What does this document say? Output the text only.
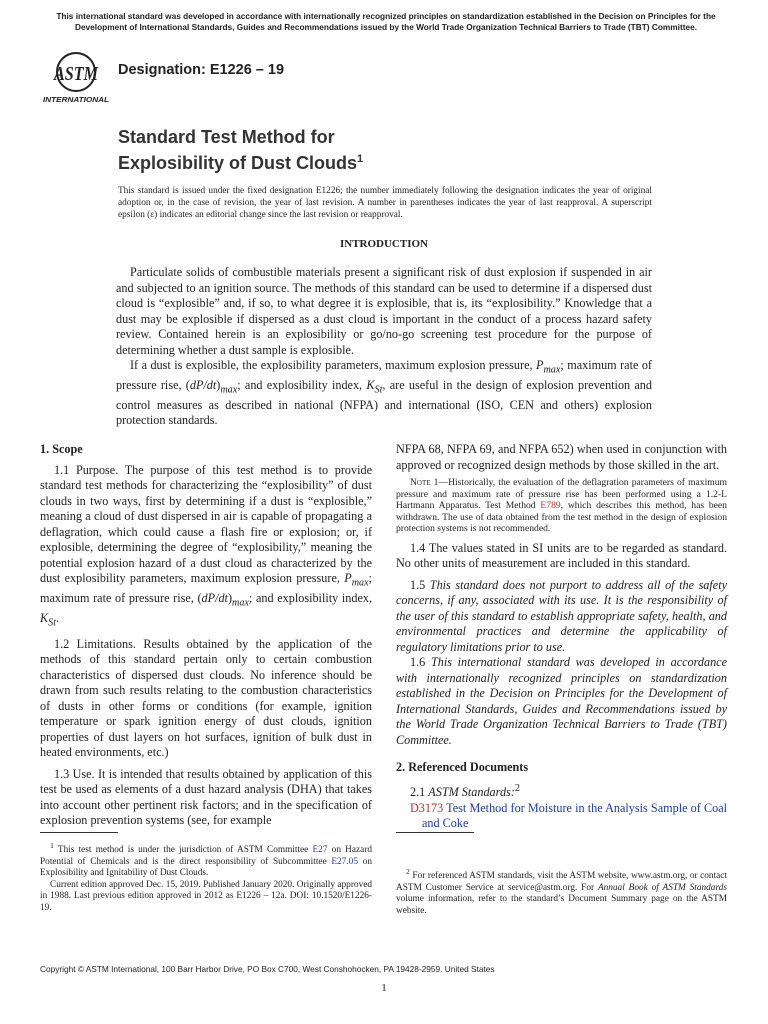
This international standard was developed in accordance with internationally recognized principles on standardization established in the Decision on Principles for the Development of International Standards, Guides and Recommendations issued by the World Trade Organization Technical Barriers to Trade (TBT) Committee.
ASTM
INTERNATIONAL
Designation: E1226 – 19
Standard Test Method for
Explosibility of Dust Clouds$^1$
This standard is issued under the fixed designation E1226; the number immediately following the designation indicates the year of original adoption or, in the case of revision, the year of last revision. A number in parentheses indicates the year of last reapproval. A superscript epsilon (ε) indicates an editorial change since the last revision or reapproval.
INTRODUCTION

Particulate solids of combustible materials present a significant risk of dust explosion if suspended in air and subjected to an ignition source. The methods of this standard can be used to determine if a dispersed dust cloud is “explosible” and, if so, to what degree it is explosible, that is, its “explosibility.” Knowledge that a dust may be explosible if dispersed as a dust cloud is important in the conduct of a process hazard safety review. Contained herein is an explosibility or go/no-go screening test procedure for the purpose of determining whether a dust sample is explosible.

If a dust is explosible, the explosibility parameters, maximum explosion pressure, $P_{max}$; maximum rate of pressure rise, $(dP/dt)_{max}$; and explosibility index, $K_{St}$, are useful in the design of explosion prevention and control measures as described in national (NFPA) and international (ISO, CEN and others) explosion protection standards.

1. Scope

1.1 Purpose. The purpose of this test method is to provide standard test methods for characterizing the “explosibility” of dust clouds in two ways, first by determining if a dust is “explosible,” meaning a cloud of dust dispersed in air is capable of propagating a deflagration, which could cause a flash fire or explosion; or, if explosible, determining the degree of “explosibility,” meaning the potential explosion hazard of a dust cloud as characterized by the dust explosibility parameters, maximum explosion pressure, $P_{max}$; maximum rate of pressure rise, $(dP/dt)_{max}$; and explosibility index, $K_{St}$.

1.2 Limitations. Results obtained by the application of the methods of this standard pertain only to certain combustion characteristics of dispersed dust clouds. No inference should be drawn from such results relating to the combustion characteristics of dusts in other forms or conditions (for example, ignition temperature or spark ignition energy of dust clouds, ignition properties of dust layers on hot surfaces, ignition of bulk dust in heated environments, etc.)

1.3 Use. It is intended that results obtained by application of this test be used as elements of a dust hazard analysis (DHA) that takes into account other pertinent risk factors; and in the specification of explosion prevention systems (see, for example

NFPA 68, NFPA 69, and NFPA 652) when used in conjunction with approved or recognized design methods by those skilled in the art.

Note 1—Historically, the evaluation of the deflagration parameters of maximum pressure and maximum rate of pressure rise has been performed using a 1.2-L Hartmann Apparatus. Test Method E789, which describes this method, has been withdrawn. The use of data obtained from the test method in the design of explosion protection systems is not recommended.

1.4 The values stated in SI units are to be regarded as standard. No other units of measurement are included in this standard.

1.5 This standard does not purport to address all of the safety concerns, if any, associated with its use. It is the responsibility of the user of this standard to establish appropriate safety, health, and environmental practices and determine the applicability of regulatory limitations prior to use.

1.6 This international standard was developed in accordance with internationally recognized principles on standardization established in the Decision on Principles for the Development of International Standards, Guides and Recommendations issued by the World Trade Organization Technical Barriers to Trade (TBT) Committee.

2. Referenced Documents

2.1 ASTM Standards:$^2$

D3173 Test Method for Moisture in the Analysis Sample of Coal and Coke

$^1$ This test method is under the jurisdiction of ASTM Committee E27 on Hazard Potential of Chemicals and is the direct responsibility of Subcommittee E27.05 on Explosibility and Ignitability of Dust Clouds.

Current edition approved Dec. 15, 2019. Published January 2020. Originally approved in 1988. Last previous edition approved in 2012 as E1226 – 12a. DOI: 10.1520/E1226-19.

$^2$ For referenced ASTM standards, visit the ASTM website, www.astm.org, or contact ASTM Customer Service at service@astm.org. For Annual Book of ASTM Standards volume information, refer to the standard’s Document Summary page on the ASTM website.

Copyright © ASTM International, 100 Barr Harbor Drive, PO Box C700, West Conshohocken, PA 19428-2959. United States
1
